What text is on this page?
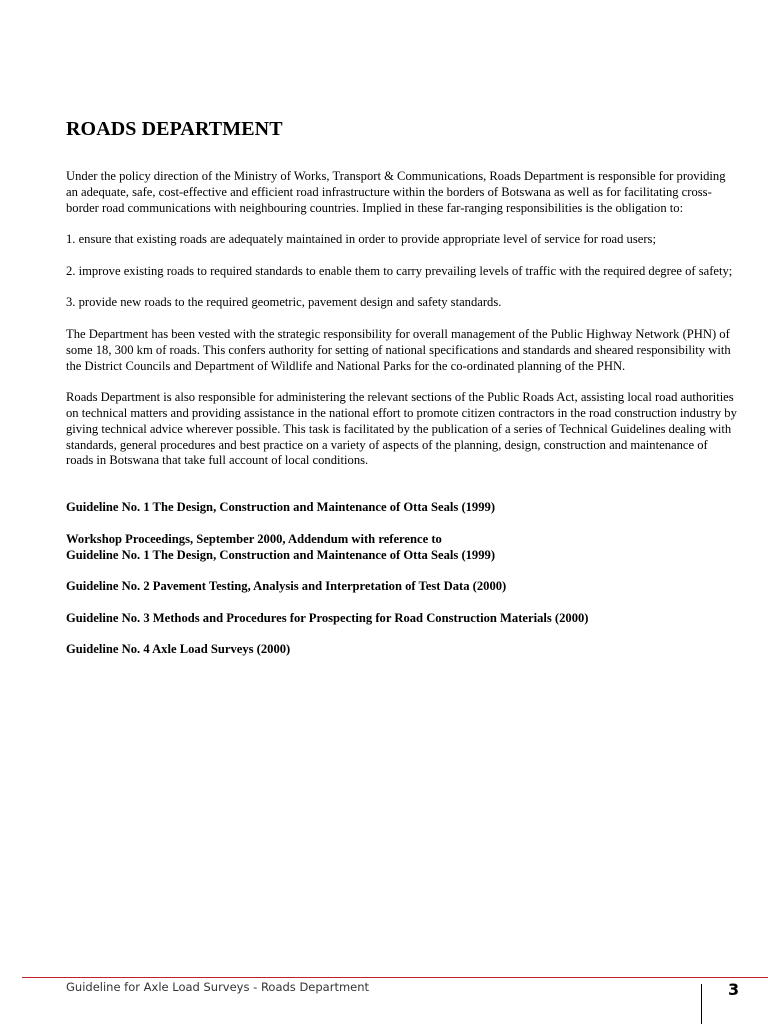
ROADS DEPARTMENT

Under the policy direction of the Ministry of Works, Transport & Communications, Roads Department is responsible for providing an adequate, safe, cost-effective and efficient road infrastructure within the borders of Botswana as well as for facilitating cross-border road communications with neighbouring countries. Implied in these far-ranging responsibilities is the obligation to:

1. ensure that existing roads are adequately maintained in order to provide appropriate level of service for road users;

2. improve existing roads to required standards to enable them to carry prevailing levels of traffic with the required degree of safety;

3. provide new roads to the required geometric, pavement design and safety standards.

The Department has been vested with the strategic responsibility for overall management of the Public Highway Network (PHN) of some 18, 300 km of roads. This confers authority for setting of national specifications and standards and sheared responsibility with the District Councils and Department of Wildlife and National Parks for the co-ordinated planning of the PHN.

Roads Department is also responsible for administering the relevant sections of the Public Roads Act, assisting local road authorities on technical matters and providing assistance in the national effort to promote citizen contractors in the road construction industry by giving technical advice wherever possible. This task is facilitated by the publication of a series of Technical Guidelines dealing with standards, general procedures and best practice on a variety of aspects of the planning, design, construction and maintenance of roads in Botswana that take full account of local conditions.

Guideline No. 1 The Design, Construction and Maintenance of Otta Seals (1999)

Workshop Proceedings, September 2000, Addendum with reference to
Guideline No. 1 The Design, Construction and Maintenance of Otta Seals (1999)

Guideline No. 2 Pavement Testing, Analysis and Interpretation of Test Data (2000)

Guideline No. 3 Methods and Procedures for Prospecting for Road Construction Materials (2000)

Guideline No. 4 Axle Load Surveys (2000)

Guideline for Axle Load Surveys - Roads Department	3
